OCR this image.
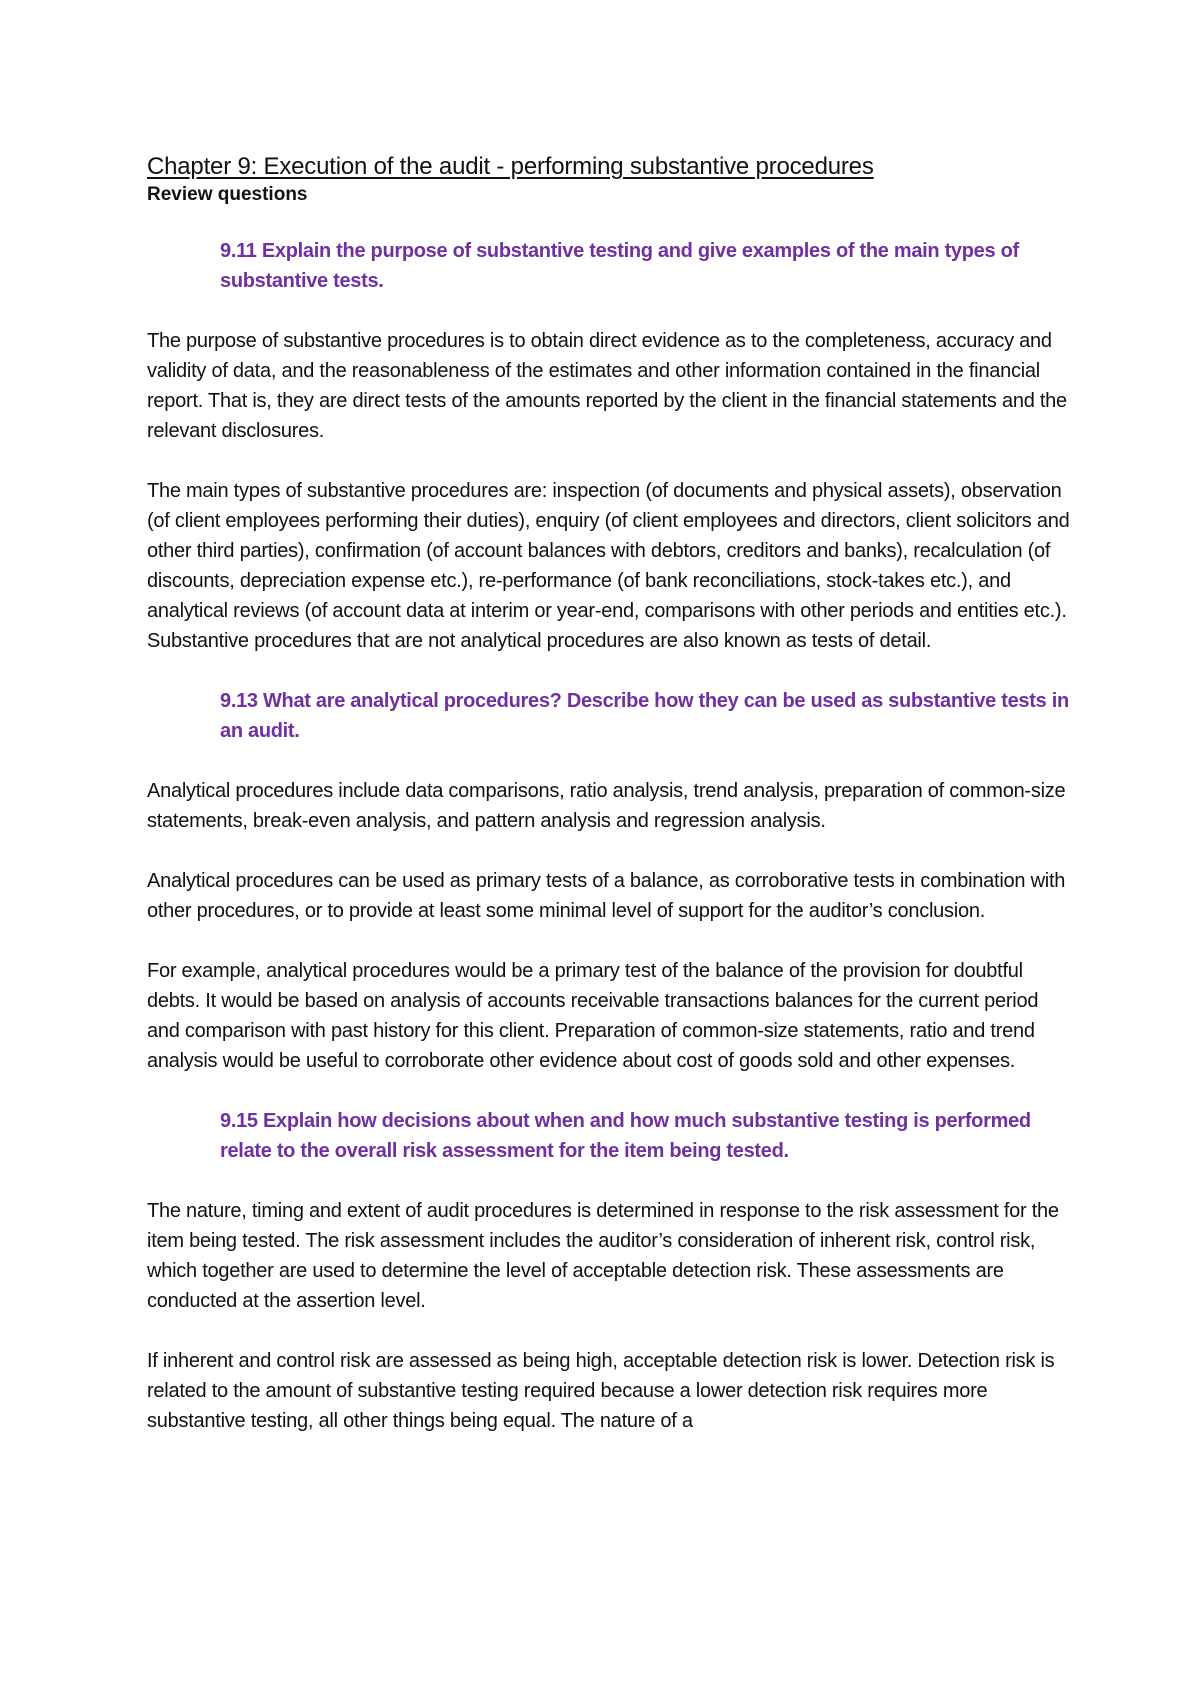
Chapter 9: Execution of the audit - performing substantive procedures
Review questions
9.11 Explain the purpose of substantive testing and give examples of the main types of substantive tests.

The purpose of substantive procedures is to obtain direct evidence as to the completeness, accuracy and validity of data, and the reasonableness of the estimates and other information contained in the financial report. That is, they are direct tests of the amounts reported by the client in the financial statements and the relevant disclosures.

The main types of substantive procedures are: inspection (of documents and physical assets), observation (of client employees performing their duties), enquiry (of client employees and directors, client solicitors and other third parties), confirmation (of account balances with debtors, creditors and banks), recalculation (of discounts, depreciation expense etc.), re-performance (of bank reconciliations, stock-takes etc.), and analytical reviews (of account data at interim or year-end, comparisons with other periods and entities etc.). Substantive procedures that are not analytical procedures are also known as tests of detail.

9.13 What are analytical procedures? Describe how they can be used as substantive tests in an audit.

Analytical procedures include data comparisons, ratio analysis, trend analysis, preparation of common-size statements, break-even analysis, and pattern analysis and regression analysis.

Analytical procedures can be used as primary tests of a balance, as corroborative tests in combination with other procedures, or to provide at least some minimal level of support for the auditor’s conclusion.

For example, analytical procedures would be a primary test of the balance of the provision for doubtful debts. It would be based on analysis of accounts receivable transactions balances for the current period and comparison with past history for this client. Preparation of common-size statements, ratio and trend analysis would be useful to corroborate other evidence about cost of goods sold and other expenses.

9.15 Explain how decisions about when and how much substantive testing is performed relate to the overall risk assessment for the item being tested.

The nature, timing and extent of audit procedures is determined in response to the risk assessment for the item being tested. The risk assessment includes the auditor’s consideration of inherent risk, control risk, which together are used to determine the level of acceptable detection risk. These assessments are conducted at the assertion level.

If inherent and control risk are assessed as being high, acceptable detection risk is lower. Detection risk is related to the amount of substantive testing required because a lower detection risk requires more substantive testing, all other things being equal. The nature of a
